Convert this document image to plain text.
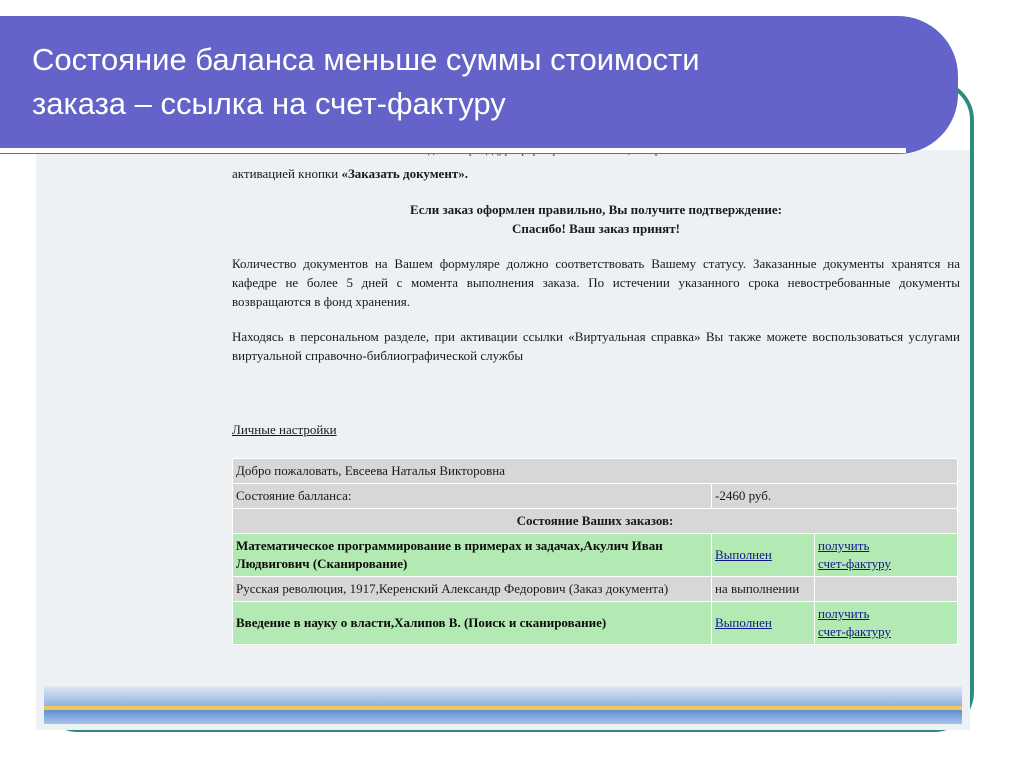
активацией кнопки «Заказать документ».

Если заказ оформлен правильно, Вы получите подтверждение:
Спасибо! Ваш заказ принят!

Количество документов на Вашем формуляре должно соответствовать Вашему статусу. Заказанные документы хранятся на кафедре не более 5 дней с момента выполнения заказа. По истечении указанного срока невостребованные документы возвращаются в фонд хранения.

Находясь в персональном разделе, при активации ссылки «Виртуальная справка» Вы также можете воспользоваться услугами виртуальной справочно-библиографической службы

Личные настройки
Добро пожаловать, Евсеева Наталья Викторовна		
Состояние балланса:	-2460 руб.	
Состояние Ваших заказов:		
Математическое программирование в примерах и задачах,Акулич Иван Людвигович (Сканирование)	Выполнен	получить
счет-фактуру
Русская революция, 1917,Керенский Александр Федорович (Заказ документа)	на выполнении	
Введение в науку о власти,Халипов В. (Поиск и сканирование)	Выполнен	получить
счет-фактуру
Состояние баланса меньше суммы стоимости
заказа – ссылка на счет-фактуру
